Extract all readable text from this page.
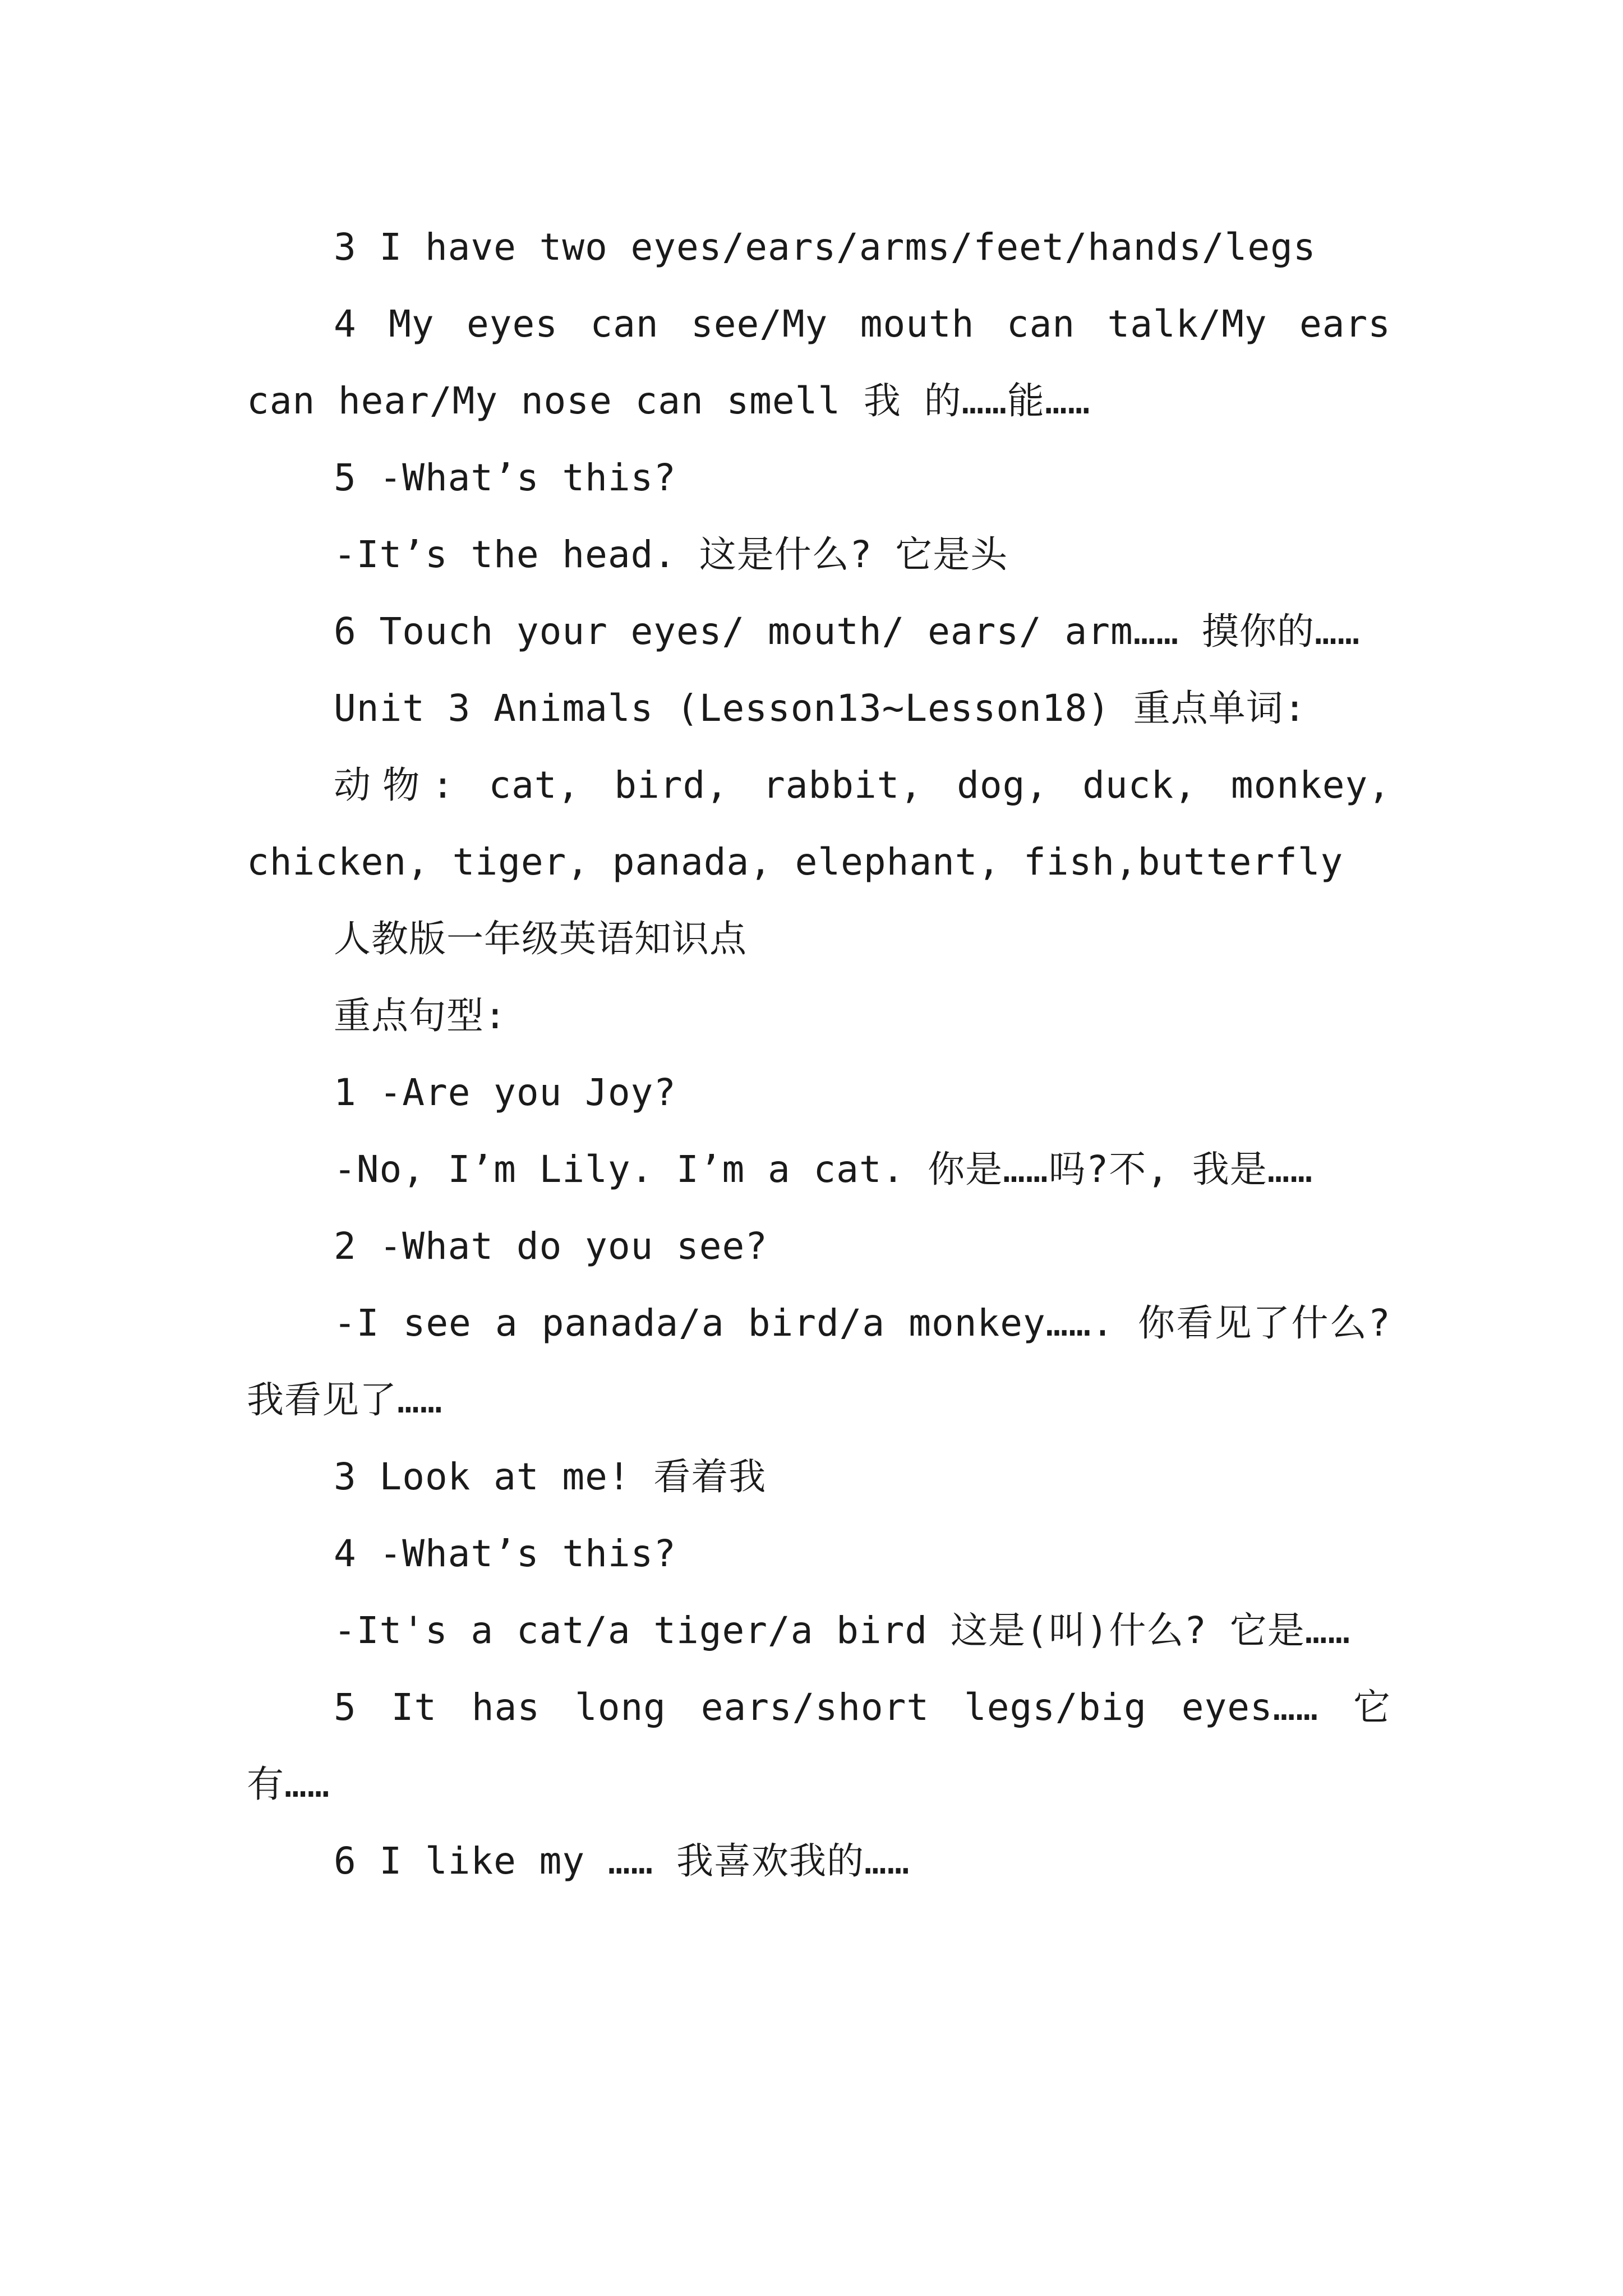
3 I have two eyes/ears/arms/feet/hands/legs

4 My eyes can see/My mouth can talk/My ears can hear/My nose can smell 我 的……能……

5 -What’s this?

-It’s the head. 这是什么? 它是头

6 Touch your eyes/ mouth/ ears/ arm…… 摸你的……

Unit 3 Animals (Lesson13~Lesson18) 重点单词:

动物: cat, bird, rabbit, dog, duck, monkey, chicken, tiger, panada, elephant, fish,butterfly

人教版一年级英语知识点

重点句型:

1 -Are you Joy?

-No, I’m Lily. I’m a cat. 你是……吗?不, 我是……

2 -What do you see?

-I see a panada/a bird/a monkey……. 你看见了什么?我看见了……

3 Look at me! 看着我

4 -What’s this?

-It's a cat/a tiger/a bird 这是(叫)什么? 它是……

5 It has long ears/short legs/big eyes…… 它有……

6 I like my …… 我喜欢我的……
